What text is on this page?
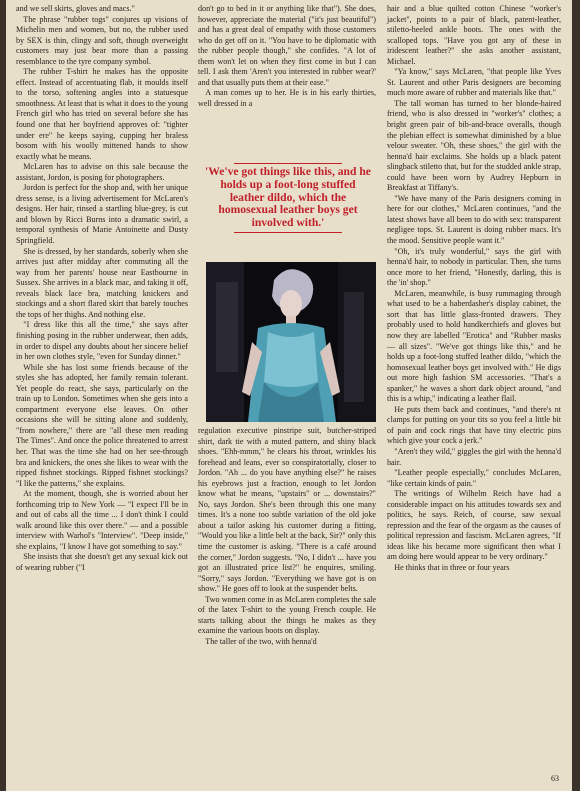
and we sell skirts, gloves and macs."

The phrase "rubber togs" conjures up visions of Michelin men and women, but no, the rubber used by SEX is thin, clingy and soft, though overweight customers may just bear more than a passing resemblance to the tyre company symbol.

The rubber T-shirt he makes has the opposite effect. Instead of accentuating flab, it moulds itself to the torso, softening angles into a statuesque smoothness. At least that is what it does to the young French girl who has tried on several before she has found one that her boyfriend approves of: "tighter under ere" he keeps saying, cupping her braless bosom with his woolly mittened hands to show exactly what he means.

McLaren has to advise on this sale because the assistant, Jordon, is posing for photographers.

Jordon is perfect for the shop and, with her unique dress sense, is a living advertisement for McLaren's designs. Her hair, rinsed a startling blue-grey, is cut and blown by Ricci Burns into a dramatic swirl, a temporal synthesis of Marie Antoinette and Dusty Springfield.

She is dressed, by her standards, soberly when she arrives just after midday after commuting all the way from her parents' house near Eastbourne in Sussex. She arrives in a black mac, and taking it off, reveals black lace bra, matching knickers and stockings and a short flared skirt that barely touches the tops of her thighs. And nothing else.

"I dress like this all the time," she says after finishing posing in the rubber underwear, then adds, in order to dispel any doubts about her sincere belief in her own clothes style, "even for Sunday dinner."

While she has lost some friends because of the styles she has adopted, her family remain tolerant. Yet people do react, she says, particularly on the train up to London. Sometimes when she gets into a compartment everyone else leaves. On other occasions she will be sitting alone and suddenly, "from nowhere," there are "all these men reading The Times". And once the police threatened to arrest her. That was the time she had on her see-through bra and knickers, the ones she likes to wear with the ripped fishnet stockings. Ripped fishnet stockings? "I like the patterns," she explains.

At the moment, though, she is worried about her forthcoming trip to New York — "I expect I'll be in and out of cabs all the time ... I don't think I could walk around like this over there." — and a possible interview with Warhol's "Interview". "Deep inside," she explains, "I know I have got something to say."

She insists that she doesn't get any sexual kick out of wearing rubber ("I

don't go to bed in it or anything like that"). She does, however, appreciate the material ("it's just beautiful") and has a great deal of empathy with those customers who do get off on it. "You have to be diplomatic with the rubber people though," she confides. "A lot of them won't let on when they first come in but I can tell. I ask them 'Aren't you interested in rubber wear?' and that usually puts them at their ease."

A man comes up to her. He is in his early thirties, well dressed in a

'We've got things like this, and he holds up a foot-long stuffed leather dildo, which the homosexual leather boys get involved with.'

regulation executive pinstripe suit, butcher-striped shirt, dark tie with a muted pattern, and shiny black shoes. "Ehh-mmm," he clears his throat, wrinkles his forehead and leans, ever so conspiratorially, closer to Jordon. "Ah ... do you have anything else?" he raises his eyebrows just a fraction, enough to let Jordon know what he means, "upstairs" or ... downstairs?" No, says Jordon. She's been through this one many times. It's a none too subtle variation of the old joke about a tailor asking his customer during a fitting, "Would you like a little belt at the back, Sir?" only this time the customer is asking. "There is a café around the corner," Jordon suggests. "No, I didn't ... have you got an illustrated price list?" he enquires, smiling. "Sorry," says Jordon. "Everything we have got is on show." He goes off to look at the suspender belts.

Two women come in as McLaren completes the sale of the latex T-shirt to the young French couple. He starts talking about the things he makes as they examine the various boots on display.

The taller of the two, with henna'd

hair and a blue quilted cotton Chinese "worker's jacket", points to a pair of black, patent-leather, stiletto-heeled ankle boots. The ones with the scalloped tops. "Have you got any of these in iridescent leather?" she asks another assistant, Michael.

"Ya know," says McLaren, "that people like Yves St. Laurent and other Paris designers are becoming much more aware of rubber and materials like that."

The tall woman has turned to her blonde-haired friend, who is also dressed in "worker's" clothes; a bright green pair of bib-and-brace overalls, though the plebian effect is somewhat diminished by a blue velour sweater. "Oh, these shoes," the girl with the henna'd hair exclaims. She holds up a black patent slingback stiletto that, but for the studded ankle strap, could have been worn by Audrey Hepburn in Breakfast at Tiffany's.

"We have many of the Paris designers coming in here for our clothes," McLaren continues, "and the latest shows have all been to do with sex: transparent negligee tops. St. Laurent is doing rubber macs. It's the mood. Sensitive people want it."

"Oh, it's truly wonderful," says the girl with henna'd hair, to nobody in particular. Then, she turns once more to her friend, "Honestly, darling, this is the 'in' shop."

McLaren, meanwhile, is busy rummaging through what used to be a haberdasher's display cabinet, the sort that has little glass-fronted drawers. They probably used to hold handkerchiefs and gloves but now they are labelled "Erotica" and "Rubber masks — all sizes". "We've got things like this," and he holds up a foot-long stuffed leather dildo, "which the homosexual leather boys get involved with." He digs out more high fashion SM accessories. "That's a spanker," he waves a short dark object around, "and this is a whip," indicating a leather flail.

He puts them back and continues, "and there's nt clamps for putting on your tits so you feel a little bit of pain and cock rings that have tiny electric pins which give your cock a jerk."

"Aren't they wild," giggles the girl with the henna'd hair.

"Leather people especially," concludes McLaren, "like certain kinds of pain."

The writings of Wilhelm Reich have had a considerable impact on his attitudes towards sex and politics, he says. Reich, of course, saw sexual repression and the fear of the orgasm as the causes of political repression and fascism. McLaren agrees, "If ideas like his became more significant then what I am doing here would appear to be very ordinary."

He thinks that in three or four years

63
